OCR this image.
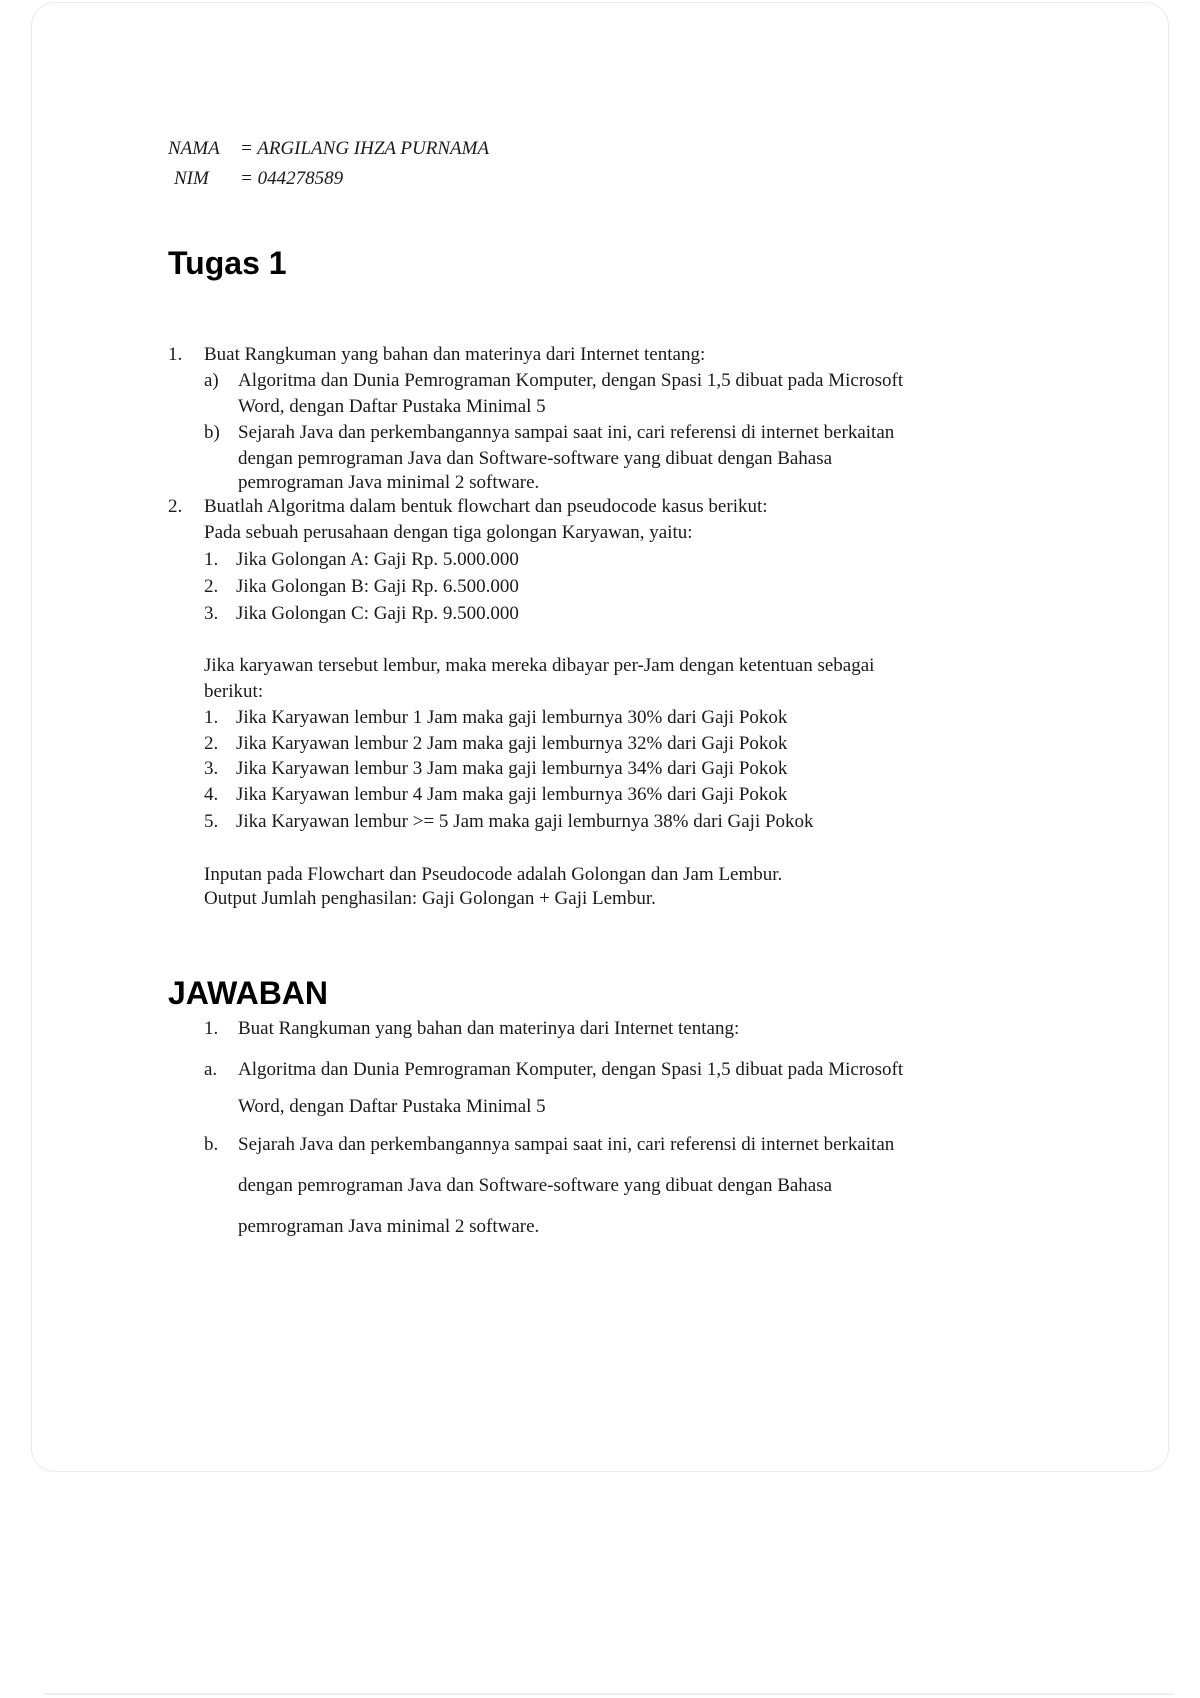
NAMA = ARGILANG IHZA PURNAMA
NIM = 044278589
Tugas 1
1. Buat Rangkuman yang bahan dan materinya dari Internet tentang:
a) Algoritma dan Dunia Pemrograman Komputer, dengan Spasi 1,5 dibuat pada Microsoft
Word, dengan Daftar Pustaka Minimal 5
b) Sejarah Java dan perkembangannya sampai saat ini, cari referensi di internet berkaitan
dengan pemrograman Java dan Software-software yang dibuat dengan Bahasa
pemrograman Java minimal 2 software.
2. Buatlah Algoritma dalam bentuk flowchart dan pseudocode kasus berikut:
Pada sebuah perusahaan dengan tiga golongan Karyawan, yaitu:
1. Jika Golongan A: Gaji Rp. 5.000.000
2. Jika Golongan B: Gaji Rp. 6.500.000
3. Jika Golongan C: Gaji Rp. 9.500.000
Jika karyawan tersebut lembur, maka mereka dibayar per-Jam dengan ketentuan sebagai
berikut:
1. Jika Karyawan lembur 1 Jam maka gaji lemburnya 30% dari Gaji Pokok
2. Jika Karyawan lembur 2 Jam maka gaji lemburnya 32% dari Gaji Pokok
3. Jika Karyawan lembur 3 Jam maka gaji lemburnya 34% dari Gaji Pokok
4. Jika Karyawan lembur 4 Jam maka gaji lemburnya 36% dari Gaji Pokok
5. Jika Karyawan lembur >= 5 Jam maka gaji lemburnya 38% dari Gaji Pokok
Inputan pada Flowchart dan Pseudocode adalah Golongan dan Jam Lembur.
Output Jumlah penghasilan: Gaji Golongan + Gaji Lembur.
JAWABAN
1. Buat Rangkuman yang bahan dan materinya dari Internet tentang:
a. Algoritma dan Dunia Pemrograman Komputer, dengan Spasi 1,5 dibuat pada Microsoft
Word, dengan Daftar Pustaka Minimal 5
b. Sejarah Java dan perkembangannya sampai saat ini, cari referensi di internet berkaitan
dengan pemrograman Java dan Software-software yang dibuat dengan Bahasa
pemrograman Java minimal 2 software.
